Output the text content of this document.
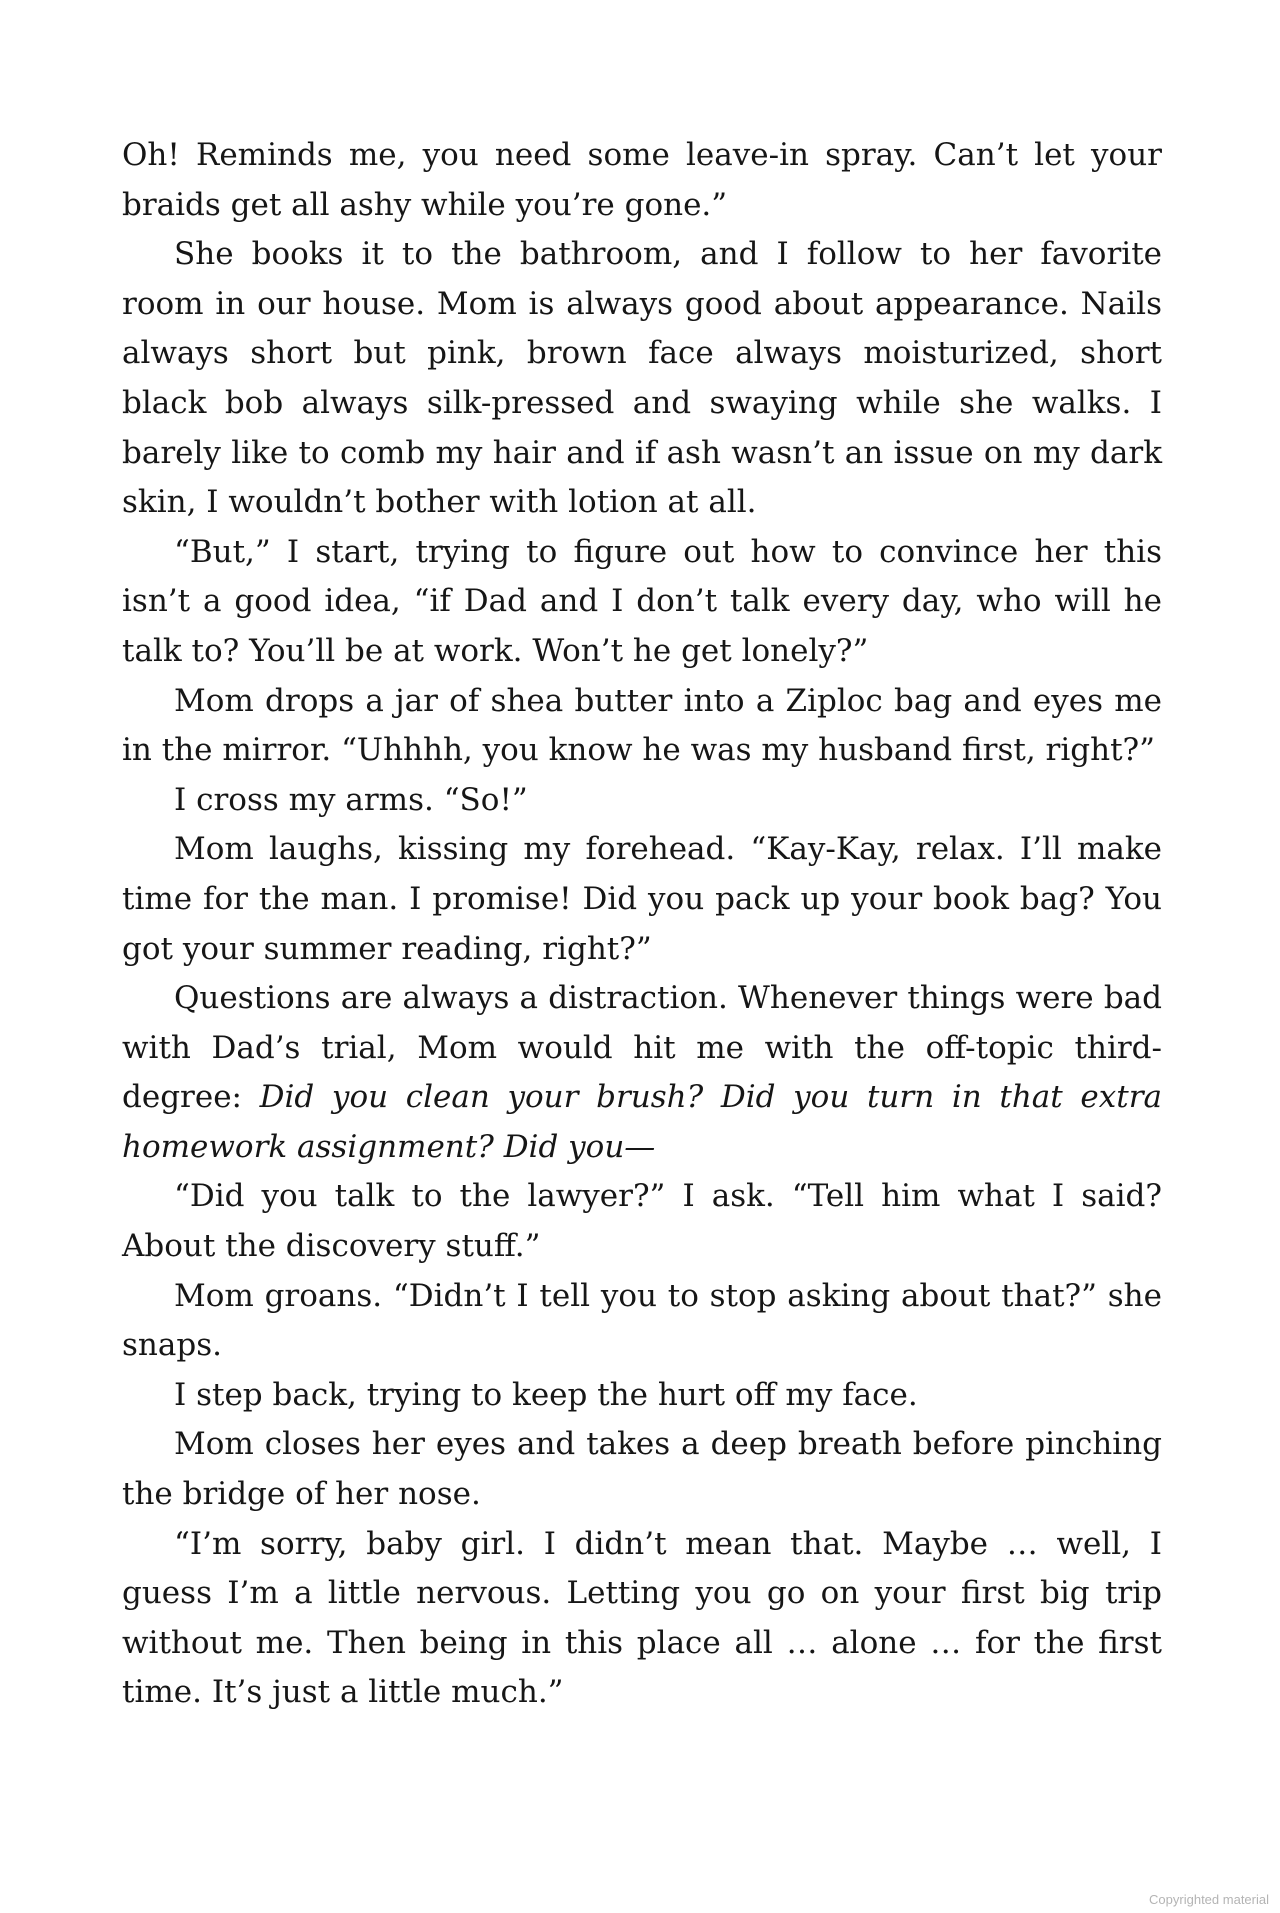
Oh! Reminds me, you need some leave-in spray. Can’t let your braids get all ashy while you’re gone.”

She books it to the bathroom, and I follow to her favorite room in our house. Mom is always good about appearance. Nails always short but pink, brown face always moisturized, short black bob always silk-pressed and swaying while she walks. I barely like to comb my hair and if ash wasn’t an issue on my dark skin, I wouldn’t bother with lotion at all.

“But,” I start, trying to figure out how to convince her this isn’t a good idea, “if Dad and I don’t talk every day, who will he talk to? You’ll be at work. Won’t he get lonely?”

Mom drops a jar of shea butter into a Ziploc bag and eyes me in the mirror. “Uhhhh, you know he was my husband first, right?”

I cross my arms. “So!”

Mom laughs, kissing my forehead. “Kay-Kay, relax. I’ll make time for the man. I promise! Did you pack up your book bag? You got your summer reading, right?”

Questions are always a distraction. Whenever things were bad with Dad’s trial, Mom would hit me with the off-topic third-degree: Did you clean your brush? Did you turn in that extra homework assignment? Did you—

“Did you talk to the lawyer?” I ask. “Tell him what I said? About the discovery stuff.”

Mom groans. “Didn’t I tell you to stop asking about that?” she snaps.

I step back, trying to keep the hurt off my face.

Mom closes her eyes and takes a deep breath before pinching the bridge of her nose.

“I’m sorry, baby girl. I didn’t mean that. Maybe … well, I guess I’m a little nervous. Letting you go on your first big trip without me. Then being in this place all … alone … for the first time. It’s just a little much.”

Copyrighted material
